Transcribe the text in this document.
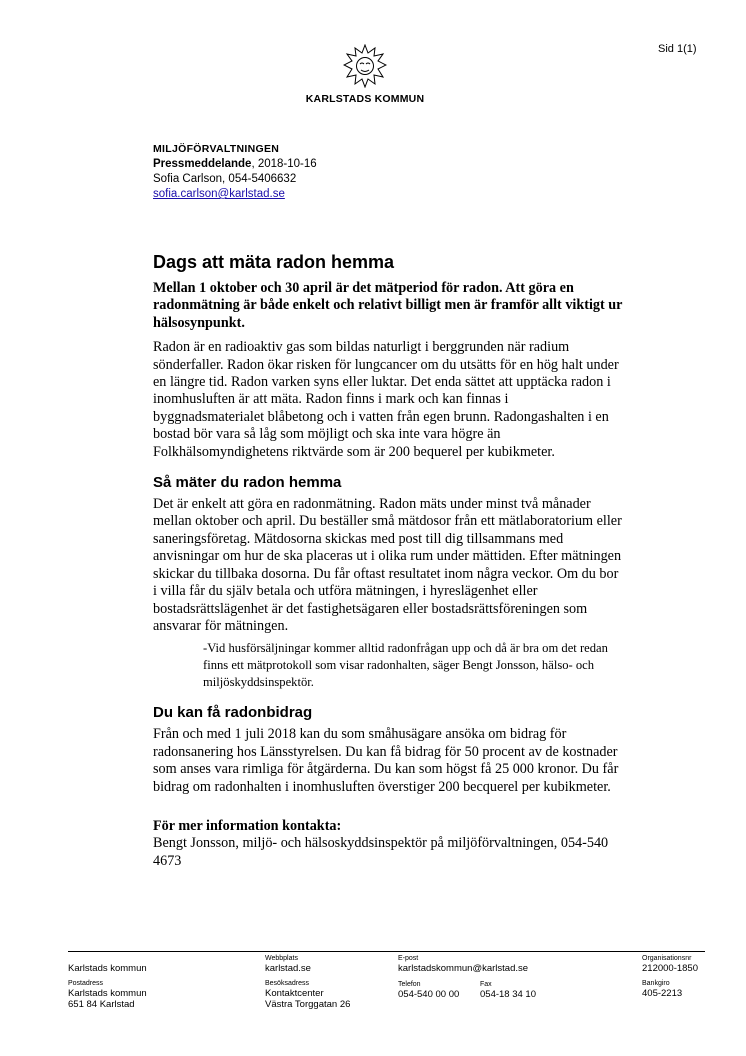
Sid 1(1)
KARLSTADS KOMMUN
MILJÖFÖRVALTNINGEN
Pressmeddelande, 2018-10-16
Sofia Carlson, 054-5406632
sofia.carlson@karlstad.se
Dags att mäta radon hemma

Mellan 1 oktober och 30 april är det mätperiod för radon. Att göra en radonmätning är både enkelt och relativt billigt men är framför allt viktigt ur hälsosynpunkt.

Radon är en radioaktiv gas som bildas naturligt i berggrunden när radium sönderfaller. Radon ökar risken för lungcancer om du utsätts för en hög halt under en längre tid. Radon varken syns eller luktar. Det enda sättet att upptäcka radon i inomhusluften är att mäta. Radon finns i mark och kan finnas i byggnadsmaterialet blåbetong och i vatten från egen brunn. Radongashalten i en bostad bör vara så låg som möjligt och ska inte vara högre än Folkhälsomyndighetens riktvärde som är 200 bequerel per kubikmeter.

Så mäter du radon hemma

Det är enkelt att göra en radonmätning. Radon mäts under minst två månader mellan oktober och april. Du beställer små mätdosor från ett mätlaboratorium eller saneringsföretag. Mätdosorna skickas med post till dig tillsammans med anvisningar om hur de ska placeras ut i olika rum under mättiden. Efter mätningen skickar du tillbaka dosorna. Du får oftast resultatet inom några veckor. Om du bor i villa får du själv betala och utföra mätningen, i hyreslägenhet eller bostadsrättslägenhet är det fastighetsägaren eller bostadsrättsföreningen som ansvarar för mätningen.

-Vid husförsäljningar kommer alltid radonfrågan upp och då är bra om det redan finns ett mätprotokoll som visar radonhalten, säger Bengt Jonsson, hälso- och miljöskyddsinspektör.

Du kan få radonbidrag

Från och med 1 juli 2018 kan du som småhusägare ansöka om bidrag för radonsanering hos Länsstyrelsen. Du kan få bidrag för 50 procent av de kostnader som anses vara rimliga för åtgärderna. Du kan som högst få 25 000 kronor. Du får bidrag om radonhalten i inomhusluften överstiger 200 becquerel per kubikmeter.

För mer information kontakta:

Bengt Jonsson, miljö- och hälsoskyddsinspektör på miljöförvaltningen, 054-540 4673

Karlstads kommun
Postadress
Karlstads kommun
651 84 Karlstad
Webbplats
karlstad.se
Besöksadress
Kontaktcenter
Västra Torggatan 26
E-post
karlstadskommun@karlstad.se
Telefon
054-540 00 00
Fax
054-18 34 10
Organisationsnr
212000-1850
Bankgiro
405-2213
